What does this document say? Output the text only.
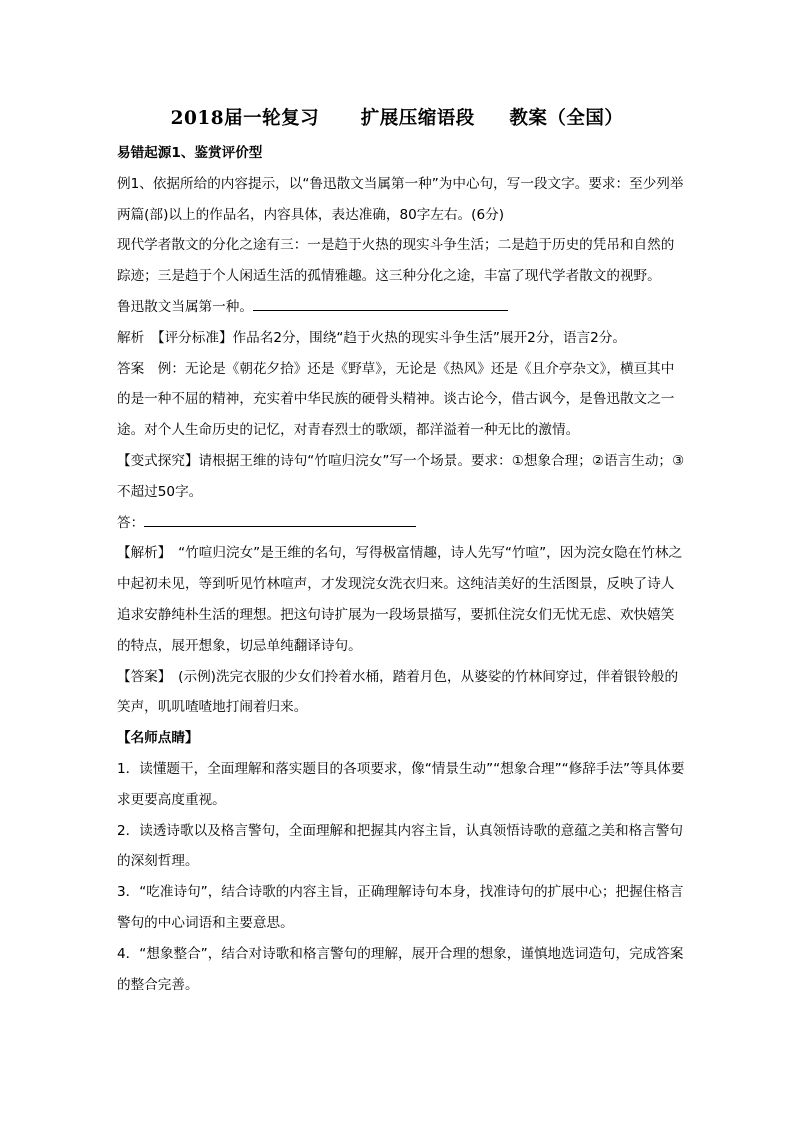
2018届一轮复习      扩展压缩语段     教案（全国）

易错起源1、鉴赏评价型

例1、依据所给的内容提示，以“鲁迅散文当属第一种”为中心句，写一段文字。要求：至少列举两篇(部)以上的作品名，内容具体，表达准确，80字左右。(6分)

现代学者散文的分化之途有三：一是趋于火热的现实斗争生活；二是趋于历史的凭吊和自然的踪迹；三是趋于个人闲适生活的孤情雅趣。这三种分化之途，丰富了现代学者散文的视野。

鲁迅散文当属第一种。

解析　【评分标准】作品名2分，围绕“趋于火热的现实斗争生活”展开2分，语言2分。

答案　例：无论是《朝花夕拾》还是《野草》，无论是《热风》还是《且介亭杂文》，横亘其中的是一种不屈的精神，充实着中华民族的硬骨头精神。谈古论今，借古讽今，是鲁迅散文之一途。对个人生命历史的记忆，对青春烈士的歌颂，都洋溢着一种无比的激情。

【变式探究】请根据王维的诗句“竹喧归浣女”写一个场景。要求：①想象合理；②语言生动；③不超过50字。

答：

【解析】　“竹喧归浣女”是王维的名句，写得极富情趣，诗人先写“竹喧”，因为浣女隐在竹林之中起初未见，等到听见竹林喧声，才发现浣女洗衣归来。这纯洁美好的生活图景，反映了诗人追求安静纯朴生活的理想。把这句诗扩展为一段场景描写，要抓住浣女们无忧无虑、欢快嬉笑的特点，展开想象，切忌单纯翻译诗句。

【答案】　(示例)洗完衣服的少女们拎着水桶，踏着月色，从婆娑的竹林间穿过，伴着银铃般的笑声，叽叽喳喳地打闹着归来。

【名师点睛】

1．读懂题干，全面理解和落实题目的各项要求，像“情景生动”“想象合理”“修辞手法”等具体要求更要高度重视。

2．读透诗歌以及格言警句，全面理解和把握其内容主旨，认真领悟诗歌的意蕴之美和格言警句的深刻哲理。

3．“吃准诗句”，结合诗歌的内容主旨，正确理解诗句本身，找准诗句的扩展中心；把握住格言警句的中心词语和主要意思。

4．“想象整合”，结合对诗歌和格言警句的理解，展开合理的想象，谨慎地选词造句，完成答案的整合完善。
